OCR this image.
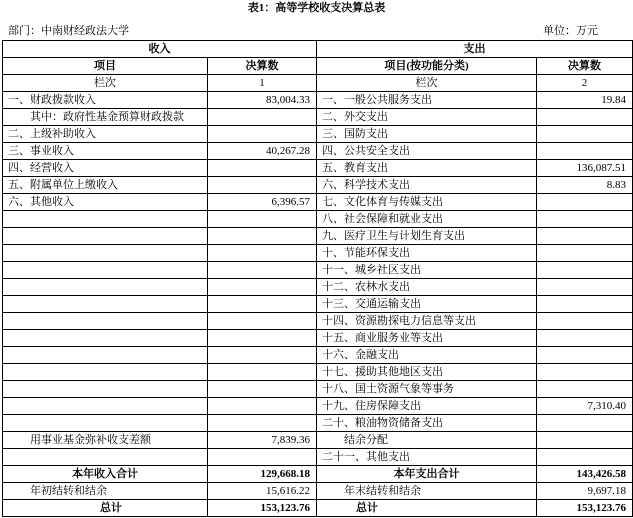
表1：高等学校收支决算总表
部门：中南财经政法大学	单位：万元
收入		支出	
项目	决算数	项目(按功能分类)	决算数
栏次	1	栏次	2
一、财政拨款收入	83,004.33	一、一般公共服务支出	19.84
其中：政府性基金预算财政拨款		二、外交支出	
二、上级补助收入		三、国防支出	
三、事业收入	40,267.28	四、公共安全支出	
四、经营收入		五、教育支出	136,087.51
五、附属单位上缴收入		六、科学技术支出	8.83
六、其他收入	6,396.57	七、文化体育与传媒支出	
		八、社会保障和就业支出	
		九、医疗卫生与计划生育支出	
		十、节能环保支出	
		十一、城乡社区支出	
		十二、农林水支出	
		十三、交通运输支出	
		十四、资源勘探电力信息等支出	
		十五、商业服务业等支出	
		十六、金融支出	
		十七、援助其他地区支出	
		十八、国土资源气象等事务	
		十九、住房保障支出	7,310.40
		二十、粮油物资储备支出	
用事业基金弥补收支差额	7,839.36	结余分配	
		二十一、其他支出	
本年收入合计	129,668.18	本年支出合计	143,426.58
年初结转和结余	15,616.22	年末结转和结余	9,697.18
总计	153,123.76	总计	153,123.76
